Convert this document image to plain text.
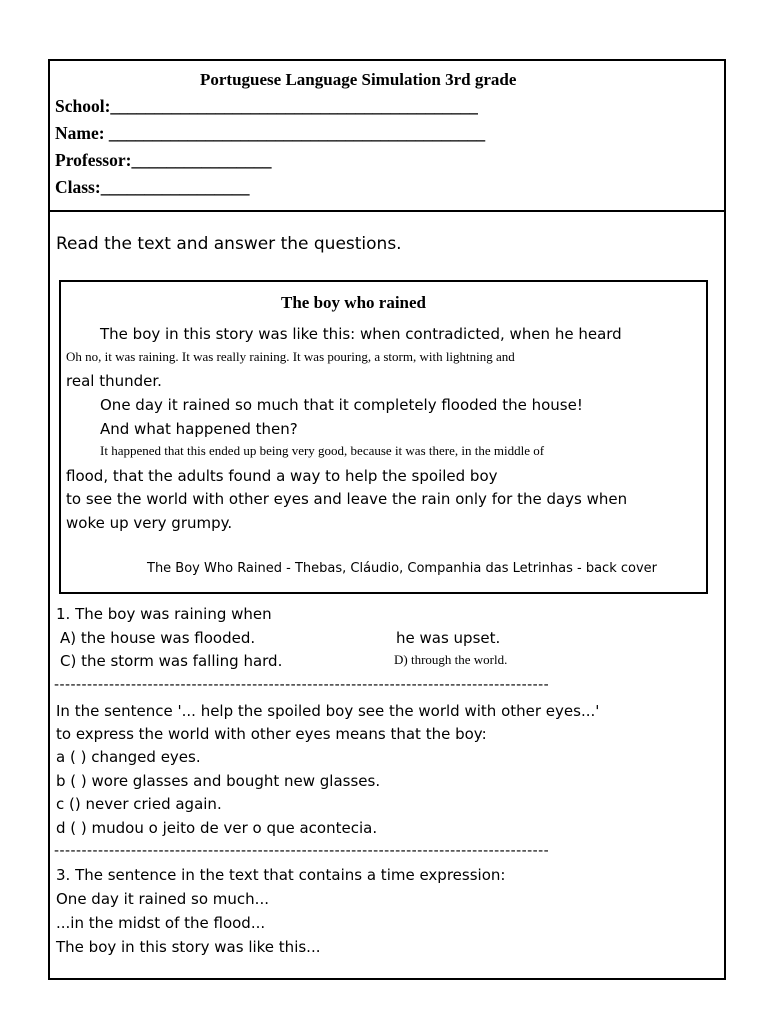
Portuguese Language Simulation 3rd grade
School:__________________________________________
Name: ___________________________________________
Professor:________________
Class:_________________
Read the text and answer the questions.
The boy who rained
The boy in this story was like this: when contradicted, when he heard
Oh no, it was raining. It was really raining. It was pouring, a storm, with lightning and
real thunder.
One day it rained so much that it completely flooded the house!
And what happened then?
It happened that this ended up being very good, because it was there, in the middle of
flood, that the adults found a way to help the spoiled boy
to see the world with other eyes and leave the rain only for the days when
woke up very grumpy.
The Boy Who Rained - Thebas, Cláudio, Companhia das Letrinhas - back cover
1. The boy was raining when
A) the house was flooded.	he was upset.
C) the storm was falling hard.	D) through the world.
------------------------------------------------------------------------------------------
In the sentence '... help the spoiled boy see the world with other eyes...'
to express the world with other eyes means that the boy:
a ( ) changed eyes.
b ( ) wore glasses and bought new glasses.
c () never cried again.
d ( ) mudou o jeito de ver o que acontecia.
------------------------------------------------------------------------------------------
3. The sentence in the text that contains a time expression:
One day it rained so much...
...in the midst of the flood...
The boy in this story was like this...
